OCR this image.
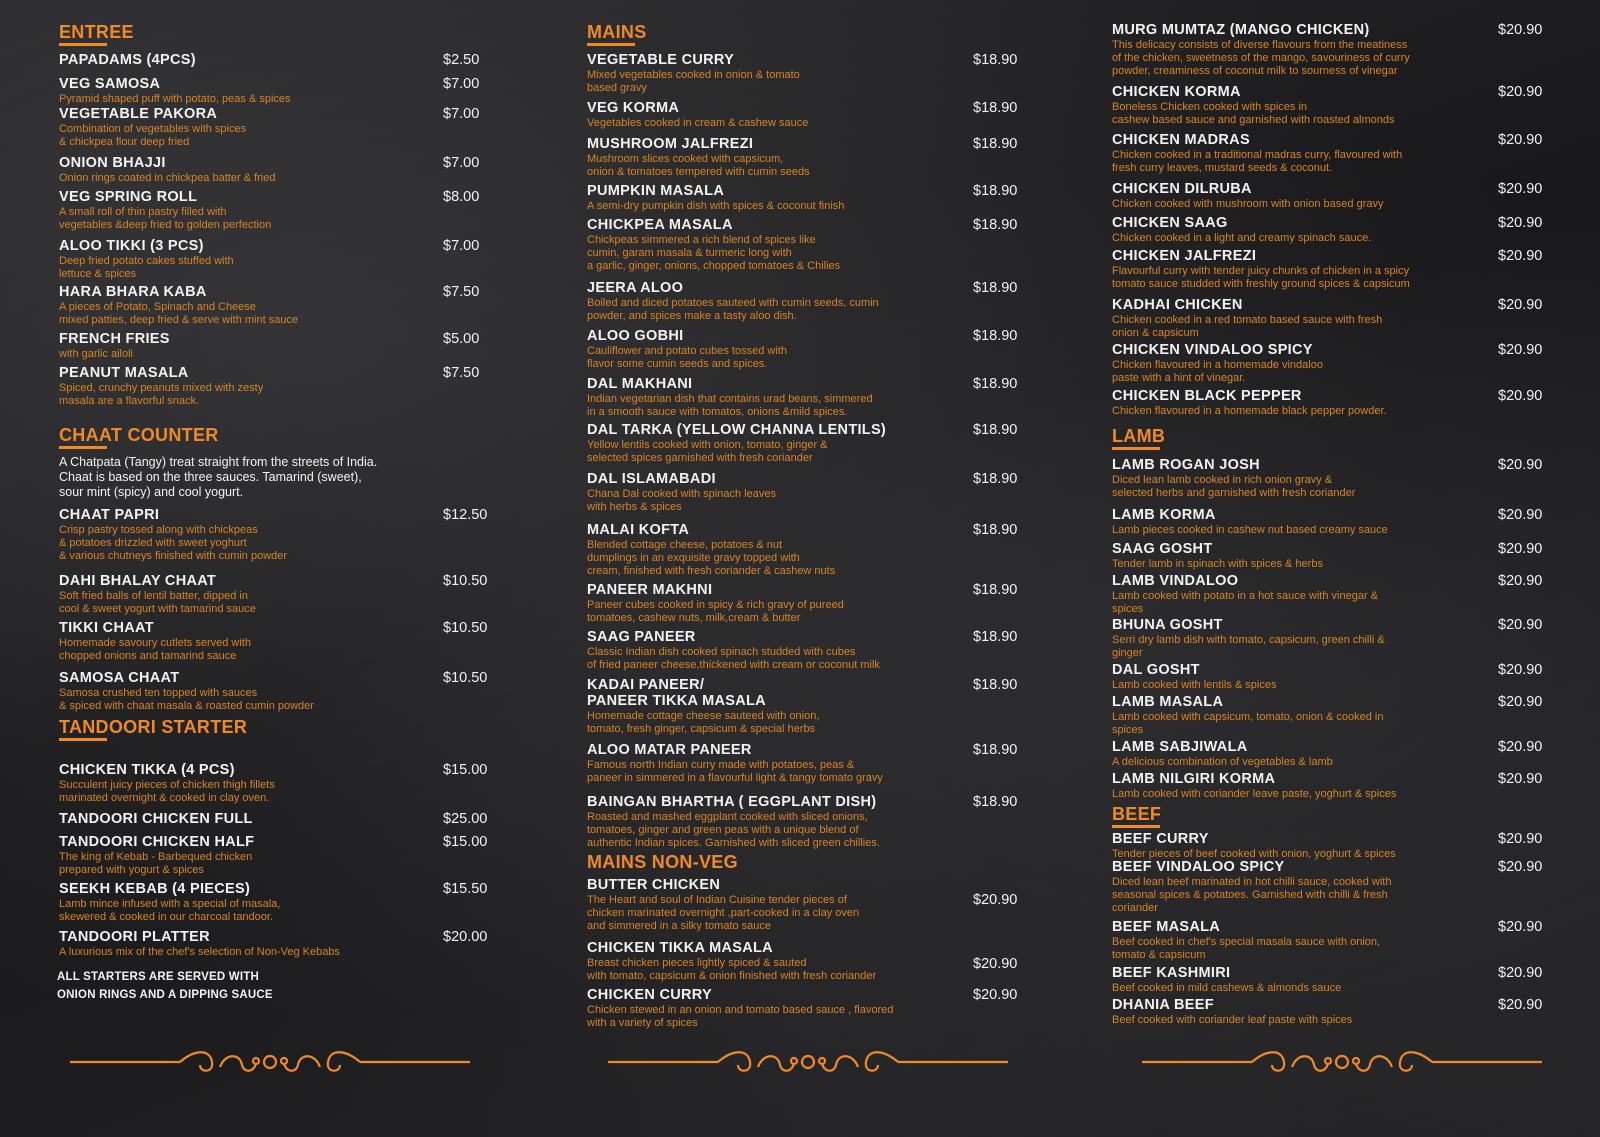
ENTREE
PAPADAMS (4PCS)	$2.50
VEG SAMOSA	$7.00
Pyramid shaped puff with potato, peas & spices
VEGETABLE PAKORA	$7.00
Combination of vegetables with spices
& chickpea flour deep fried
ONION BHAJJI	$7.00
Onion rings coated in chickpea batter & fried
VEG SPRING ROLL	$8.00
A small roll of thin pastry filled with
vegetables &deep fried to golden perfection
ALOO TIKKI (3 PCS)	$7.00
Deep fried potato cakes stuffed with
lettuce & spices
HARA BHARA KABA	$7.50
A pieces of Potato, Spinach and Cheese
mixed patties, deep fried & serve with mint sauce
FRENCH FRIES	$5.00
with garlic ailoli
PEANUT MASALA	$7.50
Spiced, crunchy peanuts mixed with zesty
masala are a flavorful snack.
CHAAT COUNTER
A Chatpata (Tangy) treat straight from the streets of India.
Chaat is based on the three sauces. Tamarind (sweet),
sour mint (spicy) and cool yogurt.
CHAAT PAPRI	$12.50
Crisp pastry tossed along with chickpeas
& potatoes drizzled with sweet yoghurt
& various chutneys finished with cumin powder
DAHI BHALAY CHAAT	$10.50
Soft fried balls of lentil batter, dipped in
cool & sweet yogurt with tamarind sauce
TIKKI CHAAT	$10.50
Homemade savoury cutlets served with
chopped onions and tamarind sauce
SAMOSA CHAAT	$10.50
Samosa crushed ten topped with sauces
& spiced with chaat masala & roasted cumin powder
TANDOORI STARTER
CHICKEN TIKKA (4 PCS)	$15.00
Succulent juicy pieces of chicken thigh fillets
marinated overnight & cooked in clay oven.
TANDOORI CHICKEN FULL	$25.00
TANDOORI CHICKEN HALF	$15.00
The king of Kebab - Barbequed chicken
prepared with yogurt & spices
SEEKH KEBAB (4 PIECES)	$15.50
Lamb mince infused with a special of masala,
skewered & cooked in our charcoal tandoor.
TANDOORI PLATTER	$20.00
A luxurious mix of the chef's selection of Non-Veg Kebabs
ALL STARTERS ARE SERVED WITH
ONION RINGS AND A DIPPING SAUCE
MAINS
VEGETABLE CURRY	$18.90
Mixed vegetables cooked in onion & tomato
based gravy
VEG KORMA	$18.90
Vegetables cooked in cream & cashew sauce
MUSHROOM JALFREZI	$18.90
Mushroom slices cooked with capsicum,
onion & tomatoes tempered with cumin seeds
PUMPKIN MASALA	$18.90
A semi-dry pumpkin dish with spices & coconut finish
CHICKPEA MASALA	$18.90
Chickpeas simmered a rich blend of spices like
cumin, garam masala & turmeric long with
a garlic, ginger, onions, chopped tomatoes & Chilies
JEERA ALOO	$18.90
Boiled and diced potatoes sauteed with cumin seeds, cumin
powder, and spices make a tasty aloo dish.
ALOO GOBHI	$18.90
Cauliflower and potato cubes tossed with
flavor some cumin seeds and spices.
DAL MAKHANI	$18.90
Indian vegetarian dish that contains urad beans, simmered
in a smooth sauce with tomatos, onions &mild spices.
DAL TARKA (YELLOW CHANNA LENTILS)	$18.90
Yellow lentils cooked with onion, tomato, ginger &
selected spices garnished with fresh coriander
DAL ISLAMABADI	$18.90
Chana Dal cooked with spinach leaves
with herbs & spices
MALAI KOFTA	$18.90
Blended cottage cheese, potatoes & nut
dumplings in an exquisite gravy topped with
cream, finished with fresh coriander & cashew nuts
PANEER MAKHNI	$18.90
Paneer cubes cooked in spicy & rich gravy of pureed
tomatoes, cashew nuts, milk,cream & butter
SAAG PANEER	$18.90
Classic Indian dish cooked spinach studded with cubes
of fried paneer cheese,thickened with cream or coconut milk
KADAI PANEER/
PANEER TIKKA MASALA
$18.90
Homemade cottage cheese sauteed with onion,
tomato, fresh ginger, capsicum & special herbs
ALOO MATAR PANEER	$18.90
Famous north Indian curry made with potatoes, peas &
paneer in simmered in a flavourful light & tangy tomato gravy
BAINGAN BHARTHA ( EGGPLANT DISH)	$18.90
Roasted and mashed eggplant cooked with sliced onions,
tomatoes, ginger and green peas with a unique blend of
authentic Indian spices. Garnished with sliced green chillies.
MAINS NON-VEG
BUTTER CHICKEN
$20.90
The Heart and soul of Indian Cuisine tender pieces of
chicken marinated overnight ,part-cooked in a clay oven
and simmered in a silky tomato sauce
CHICKEN TIKKA MASALA
$20.90
Breast chicken pieces lightly spiced & sauted
with tomato, capsicum & onion finished with fresh coriander
CHICKEN CURRY	$20.90
Chicken stewed in an onion and tomato based sauce , flavored
with a variety of spices
MURG MUMTAZ (MANGO CHICKEN)	$20.90
This delicacy consists of diverse flavours from the meatiness
of the chicken, sweetness of the mango, savouriness of curry
powder, creaminess of coconut milk to sourness of vinegar
CHICKEN KORMA	$20.90
Boneless Chicken cooked with spices in
cashew based sauce and garnished with roasted almonds
CHICKEN MADRAS	$20.90
Chicken cooked in a traditional madras curry, flavoured with
fresh curry leaves, mustard seeds & coconut.
CHICKEN DILRUBA	$20.90
Chicken cooked with mushroom with onion based gravy
CHICKEN SAAG	$20.90
Chicken cooked in a light and creamy spinach sauce.
CHICKEN JALFREZI	$20.90
Flavourful curry with tender juicy chunks of chicken in a spicy
tomato sauce studded with freshly ground spices & capsicum
KADHAI CHICKEN	$20.90
Chicken cooked in a red tomato based sauce with fresh
onion & capsicum
CHICKEN VINDALOO SPICY	$20.90
Chicken flavoured in a homemade vindaloo
paste with a hint of vinegar.
CHICKEN BLACK PEPPER	$20.90
Chicken flavoured in a homemade black pepper powder.
LAMB
LAMB ROGAN JOSH	$20.90
Diced lean lamb cooked in rich onion gravy &
selected herbs and garnished with fresh coriander
LAMB KORMA	$20.90
Lamb pieces cooked in cashew nut based creamy sauce
SAAG GOSHT	$20.90
Tender lamb in spinach with spices & herbs
LAMB VINDALOO	$20.90
Lamb cooked with potato in a hot sauce with vinegar &
spices
BHUNA GOSHT	$20.90
Serri dry lamb dish with tomato, capsicum, green chilli &
ginger
DAL GOSHT	$20.90
Lamb cooked with lentils & spices
LAMB MASALA	$20.90
Lamb cooked with capsicum, tomato, onion & cooked in
spices
LAMB SABJIWALA	$20.90
A delicious combination of vegetables & lamb
LAMB NILGIRI KORMA	$20.90
Lamb cooked with coriander leave paste, yoghurt & spices
BEEF
BEEF CURRY	$20.90
Tender pieces of beef cooked with onion, yoghurt & spices
BEEF VINDALOO SPICY	$20.90
Diced lean beef marinated in hot chilli sauce, cooked with
seasonal spices & potatoes. Garnished with chilli & fresh
coriander
BEEF MASALA	$20.90
Beef cooked in chef's special masala sauce with onion,
tomato & capsicum
BEEF KASHMIRI	$20.90
Beef cooked in mild cashews & almonds sauce
DHANIA BEEF	$20.90
Beef cooked with coriander leaf paste with spices
